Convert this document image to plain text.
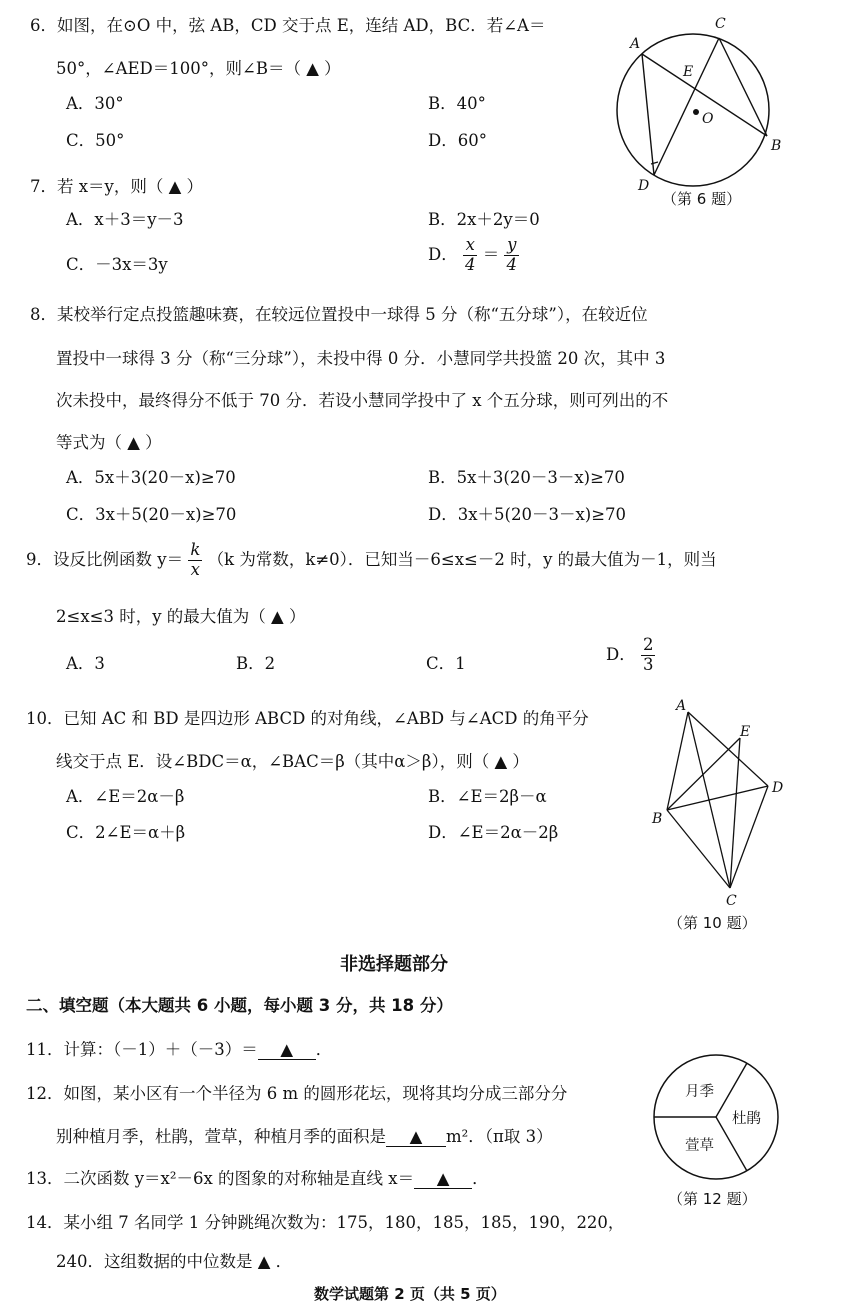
6．如图，在⊙O 中，弦 AB，CD 交于点 E，连结 AD，BC．若∠A＝
50°，∠AED＝100°，则∠B＝（ ▲ ）
A．30°	B．40°
C．50°	D．60°
A
C
E
O
B
D
（第 6 题）
7．若 x＝y，则（ ▲ ）
A．x＋3＝y－3	B．2x＋2y＝0
C．－3x＝3y
D． $\frac{x}{4} = \frac{y}{4}$
8．某校举行定点投篮趣味赛，在较远位置投中一球得 5 分（称“五分球”），在较近位
置投中一球得 3 分（称“三分球”），未投中得 0 分．小慧同学共投篮 20 次，其中 3
次未投中，最终得分不低于 70 分．若设小慧同学投中了 x 个五分球，则可列出的不
等式为（ ▲ ）
A．5x＋3(20－x)≥70	B．5x＋3(20－3－x)≥70
C．3x＋5(20－x)≥70	D．3x＋5(20－3－x)≥70
9．设反比例函数 $y= \frac{k}{x} (k$ 为常数，k≠0）．已知当－6≤x≤－2 时，y 的最大值为－1，则当
2≤x≤3 时，y 的最大值为（ ▲ ）
A．3	B．2	C．1	D． $\frac{2}{3}$
10．已知 AC 和 BD 是四边形 ABCD 的对角线，∠ABD 与∠ACD 的角平分
线交于点 E．设∠BDC＝α，∠BAC＝β（其中α＞β），则（ ▲ ）
A．∠E＝2α－β	B．∠E＝2β－α
C．2∠E＝α＋β	D．∠E＝2α－2β
A
E
D
B
C
（第 10 题）
非选择题部分
二、填空题（本大题共 6 小题，每小题 3 分，共 18 分）
11．计算：（－1）＋（－3）＝ ▲ ．
12．如图，某小区有一个半径为 6 m 的圆形花坛，现将其均分成三部分分
别种植月季，杜鹃，萱草，种植月季的面积是 ▲ m²．（π取 3）
月季
杜鹃
萱草
（第 12 题）
13．二次函数 y＝x²－6x 的图象的对称轴是直线 x＝ ▲ ．
14．某小组 7 名同学 1 分钟跳绳次数为：175，180，185，185，190，220，
240．这组数据的中位数是 ▲ ．
数学试题第 2 页（共 5 页）
